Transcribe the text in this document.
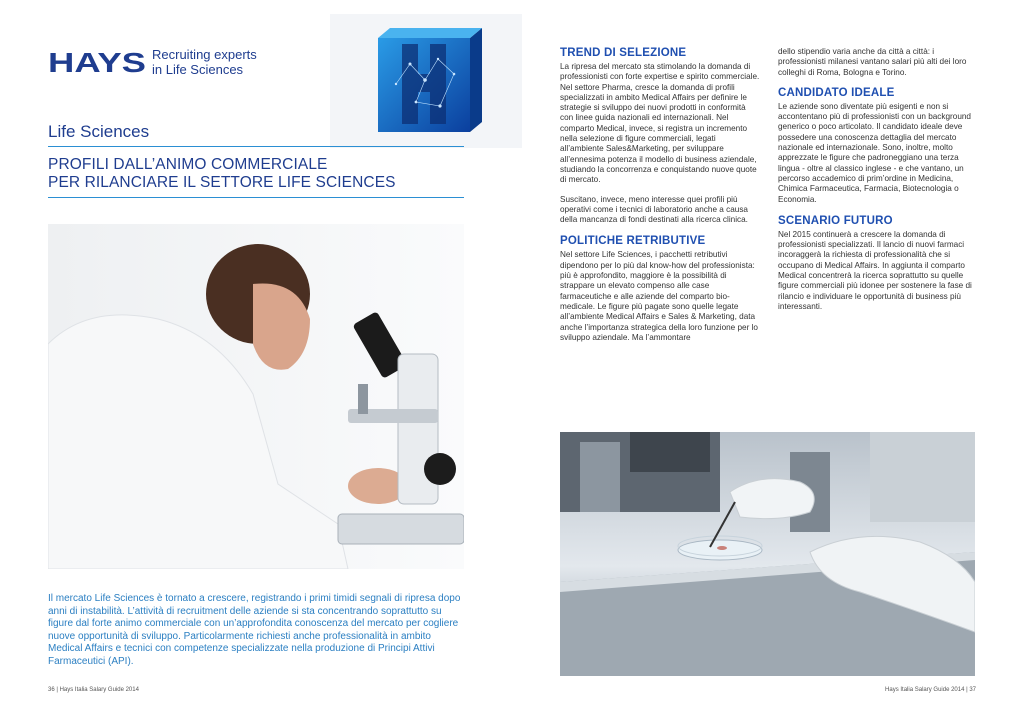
HAYS Recruiting experts
in Life Sciences
Life Sciences
PROFILI DALL’ANIMO COMMERCIALE
PER RILANCIARE IL SETTORE LIFE SCIENCES
Il mercato Life Sciences è tornato a crescere, registrando i primi timidi segnali di ripresa dopo anni di instabilità. L’attività di recruitment delle aziende si sta concentrando soprattutto su figure dal forte animo commerciale con un’approfondita conoscenza del mercato per cogliere nuove opportunità di sviluppo. Particolarmente richiesti anche professionalità in ambito Medical Affairs e tecnici con competenze specializzate nella produzione di Principi Attivi Farmaceutici (API).
TREND DI SELEZIONE

La ripresa del mercato sta stimolando la domanda di professionisti con forte expertise e spirito commerciale. Nel settore Pharma, cresce la domanda di profili specializzati in ambito Medical Affairs per definire le strategie si sviluppo dei nuovi prodotti in conformità con linee guida nazionali ed internazionali. Nel comparto Medical, invece, si registra un incremento nella selezione di figure commerciali, legati all’ambiente Sales&Marketing, per sviluppare all’ennesima potenza il modello di business aziendale, studiando la concorrenza e conquistando nuove quote di mercato.

Suscitano, invece, meno interesse quei profili più operativi come i tecnici di laboratorio anche a causa della mancanza di fondi destinati alla ricerca clinica.

POLITICHE RETRIBUTIVE

Nel settore Life Sciences, i pacchetti retributivi dipendono per lo più dal know-how del professionista: più è approfondito, maggiore è la possibilità di strappare un elevato compenso alle case farmaceutiche e alle aziende del comparto bio-medicale. Le figure più pagate sono quelle legate all’ambiente Medical Affairs e Sales & Marketing, data anche l’importanza strategica della loro funzione per lo sviluppo aziendale. Ma l’ammontare

dello stipendio varia anche da città a città: i professionisti milanesi vantano salari più alti dei loro colleghi di Roma, Bologna e Torino.

CANDIDATO IDEALE

Le aziende sono diventate più esigenti e non si accontentano più di professionisti con un background generico o poco articolato. Il candidato ideale deve possedere una conoscenza dettaglia del mercato nazionale ed internazionale. Sono, inoltre, molto apprezzate le figure che padroneggiano una terza lingua - oltre al classico inglese - e che vantano, un percorso accademico di prim’ordine in Medicina, Chimica Farmaceutica, Farmacia, Biotecnologia o Economia.

SCENARIO FUTURO

Nel 2015 continuerà a crescere la domanda di professionisti specializzati. Il lancio di nuovi farmaci incoraggerà la richiesta di professionalità che si occupano di Medical Affairs. In aggiunta il comparto Medical concentrerà la ricerca soprattutto su quelle figure commerciali più idonee per sostenere la fase di rilancio e individuare le opportunità di business più interessanti.

36 | Hays Italia Salary Guide 2014	Hays Italia Salary Guide 2014 | 37
